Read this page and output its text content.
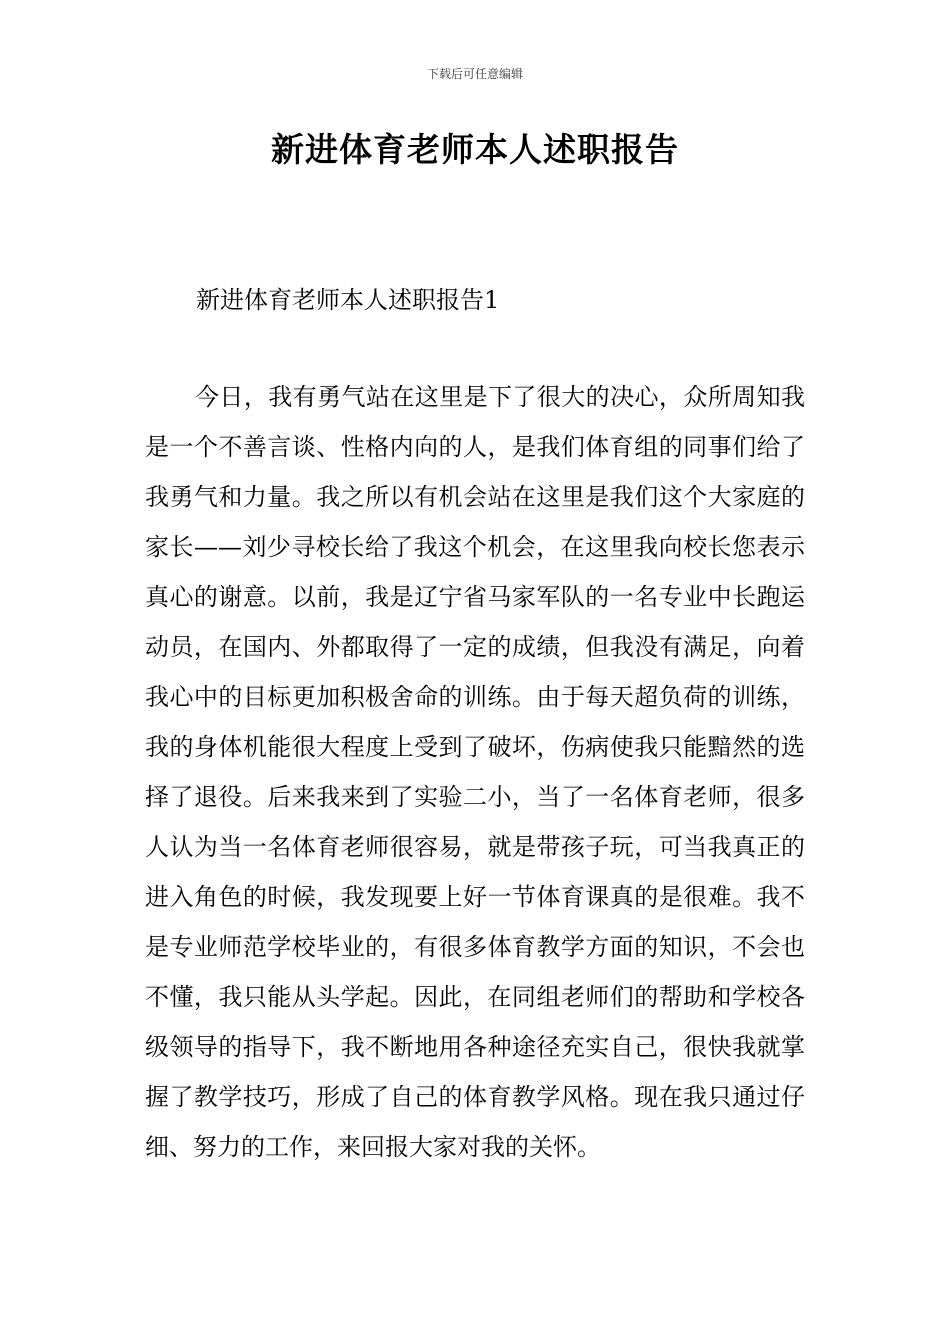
下载后可任意编辑
新进体育老师本人述职报告
新进体育老师本人述职报告1

今日，我有勇气站在这里是下了很大的决心，众所周知我是一个不善言谈、性格内向的人，是我们体育组的同事们给了我勇气和力量。我之所以有机会站在这里是我们这个大家庭的家长——刘少寻校长给了我这个机会，在这里我向校长您表示真心的谢意。以前，我是辽宁省马家军队的一名专业中长跑运动员，在国内、外都取得了一定的成绩，但我没有满足，向着我心中的目标更加积极舍命的训练。由于每天超负荷的训练，我的身体机能很大程度上受到了破坏，伤病使我只能黯然的选择了退役。后来我来到了实验二小，当了一名体育老师，很多人认为当一名体育老师很容易，就是带孩子玩，可当我真正的进入角色的时候，我发现要上好一节体育课真的是很难。我不是专业师范学校毕业的，有很多体育教学方面的知识，不会也不懂，我只能从头学起。因此，在同组老师们的帮助和学校各级领导的指导下，我不断地用各种途径充实自己，很快我就掌握了教学技巧，形成了自己的体育教学风格。现在我只通过仔细、努力的工作，来回报大家对我的关怀。
